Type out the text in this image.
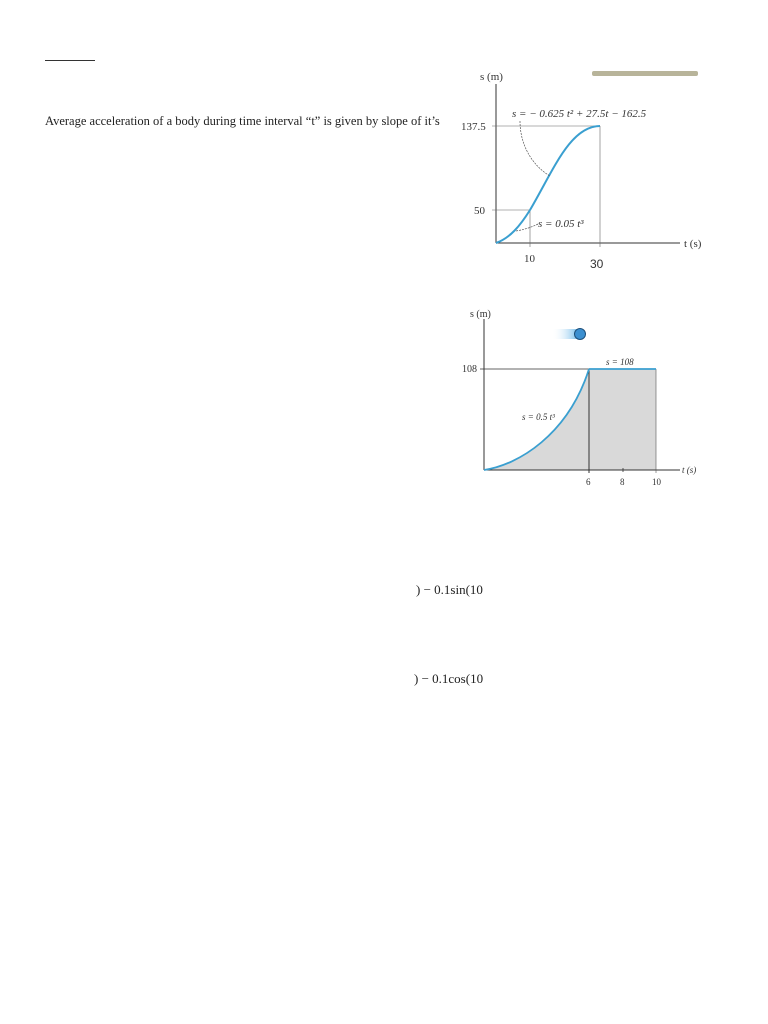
Average acceleration of a body during time interval “t” is given by slope of it’s
s (m)
t (s)
137.5
50
10	30
s = − 0.625 t² + 27.5t − 162.5
s = 0.05 t³
s (m)
t (s)
108
6	8	10
s = 0.5 t³
s = 108
) − 0.1sin(10
) − 0.1cos(10
